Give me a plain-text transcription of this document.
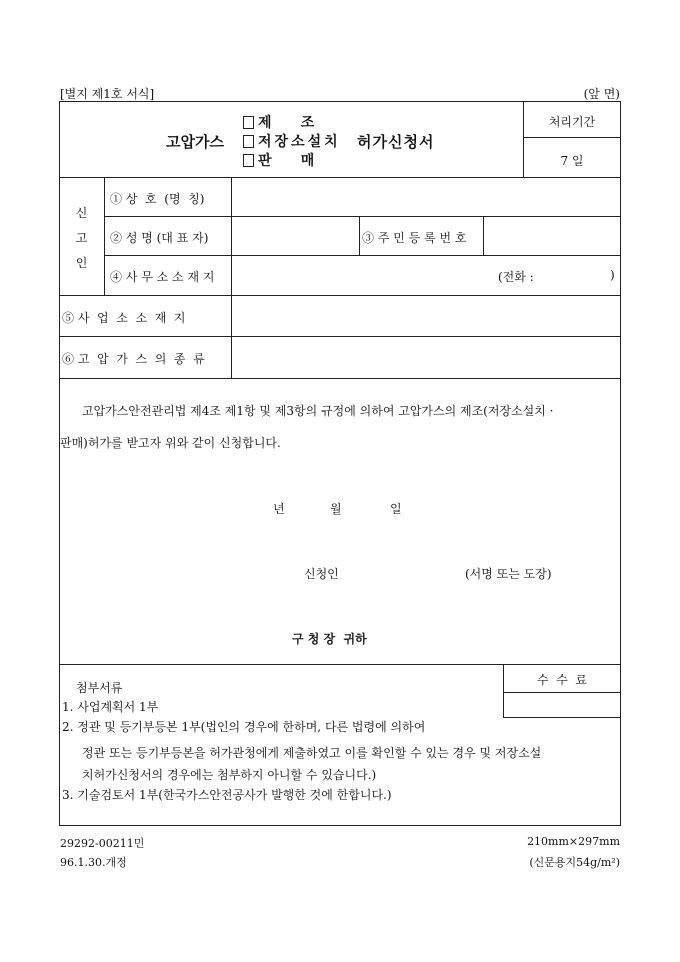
[별지 제1호 서식]	(앞 면)
고압가스
제      조
저장소설치
판      매
허가신청서
처리기간
7 일
신
고
인
① 상  호  (명  칭)
② 성 명 (대 표 자)	③ 주 민 등 록 번 호
④ 사 무 소 소 재 지	(전화 :	)
⑤ 사  업  소  소  재  지
⑥ 고  압  가  스  의  종  류
고압가스안전관리법 제4조 제1항 및 제3항의 규정에 의하여 고압가스의 제조(저장소설치 ·
판매)허가를 받고자 위와 같이 신청합니다.
년	월	일
신청인	(서명 또는 도장)
구 청 장  귀하
첨부서류
1. 사업계획서 1부
2. 정관 및 등기부등본 1부(법인의 경우에 한하며, 다른 법령에 의하여
정관 또는 등기부등본을 허가관청에게 제출하였고 이를 확인할 수 있는 경우 및 저장소설
치허가신청서의 경우에는 첨부하지 아니할 수 있습니다.)
3. 기술검토서 1부(한국가스안전공사가 발행한 것에 한합니다.)
수  수  료
29292-00211민
96.1.30.개정
210mm×297mm
(신문용지54g/m²)
